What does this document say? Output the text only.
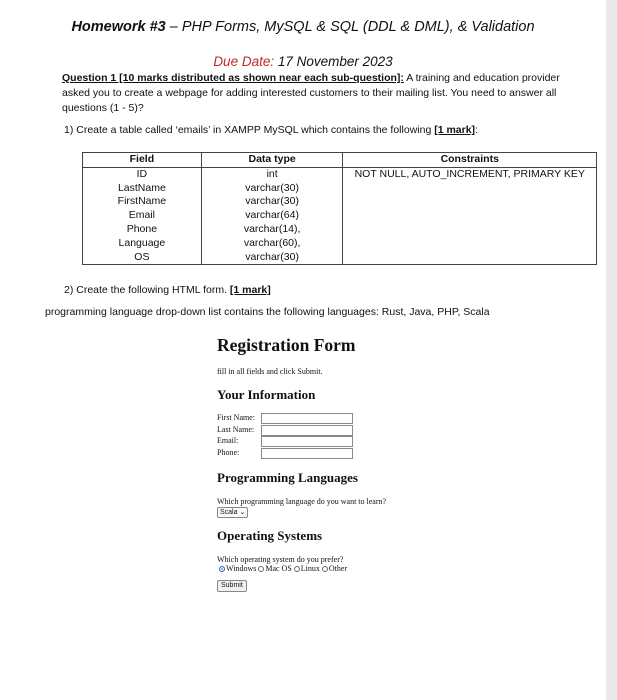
Homework #3 – PHP Forms, MySQL & SQL (DDL & DML), & Validation
Due Date: 17 November 2023
Question 1 [10 marks distributed as shown near each sub-question]: A training and education provider asked you to create a webpage for adding interested customers to their mailing list. You need to answer all questions (1 - 5)?
1) Create a table called ‘emails’ in XAMPP MySQL which contains the following [1 mark]:
Field	Data type	Constraints
ID	int	NOT NULL, AUTO_INCREMENT, PRIMARY KEY
LastName	varchar(30)	
FirstName	varchar(30)	
Email	varchar(64)	
Phone	varchar(14),	
Language	varchar(60),	
OS	varchar(30)	
2) Create the following HTML form. [1 mark]
programming language drop-down list contains the following languages: Rust, Java, PHP, Scala
Registration Form
fill in all fields and click Submit.
Your Information
First Name:
Last Name:
Email:
Phone:
Programming Languages
Which programming language do you want to learn?
Scala ⌄
Operating Systems
Which operating system do you prefer?
Windows Mac OS Linux Other
Submit
